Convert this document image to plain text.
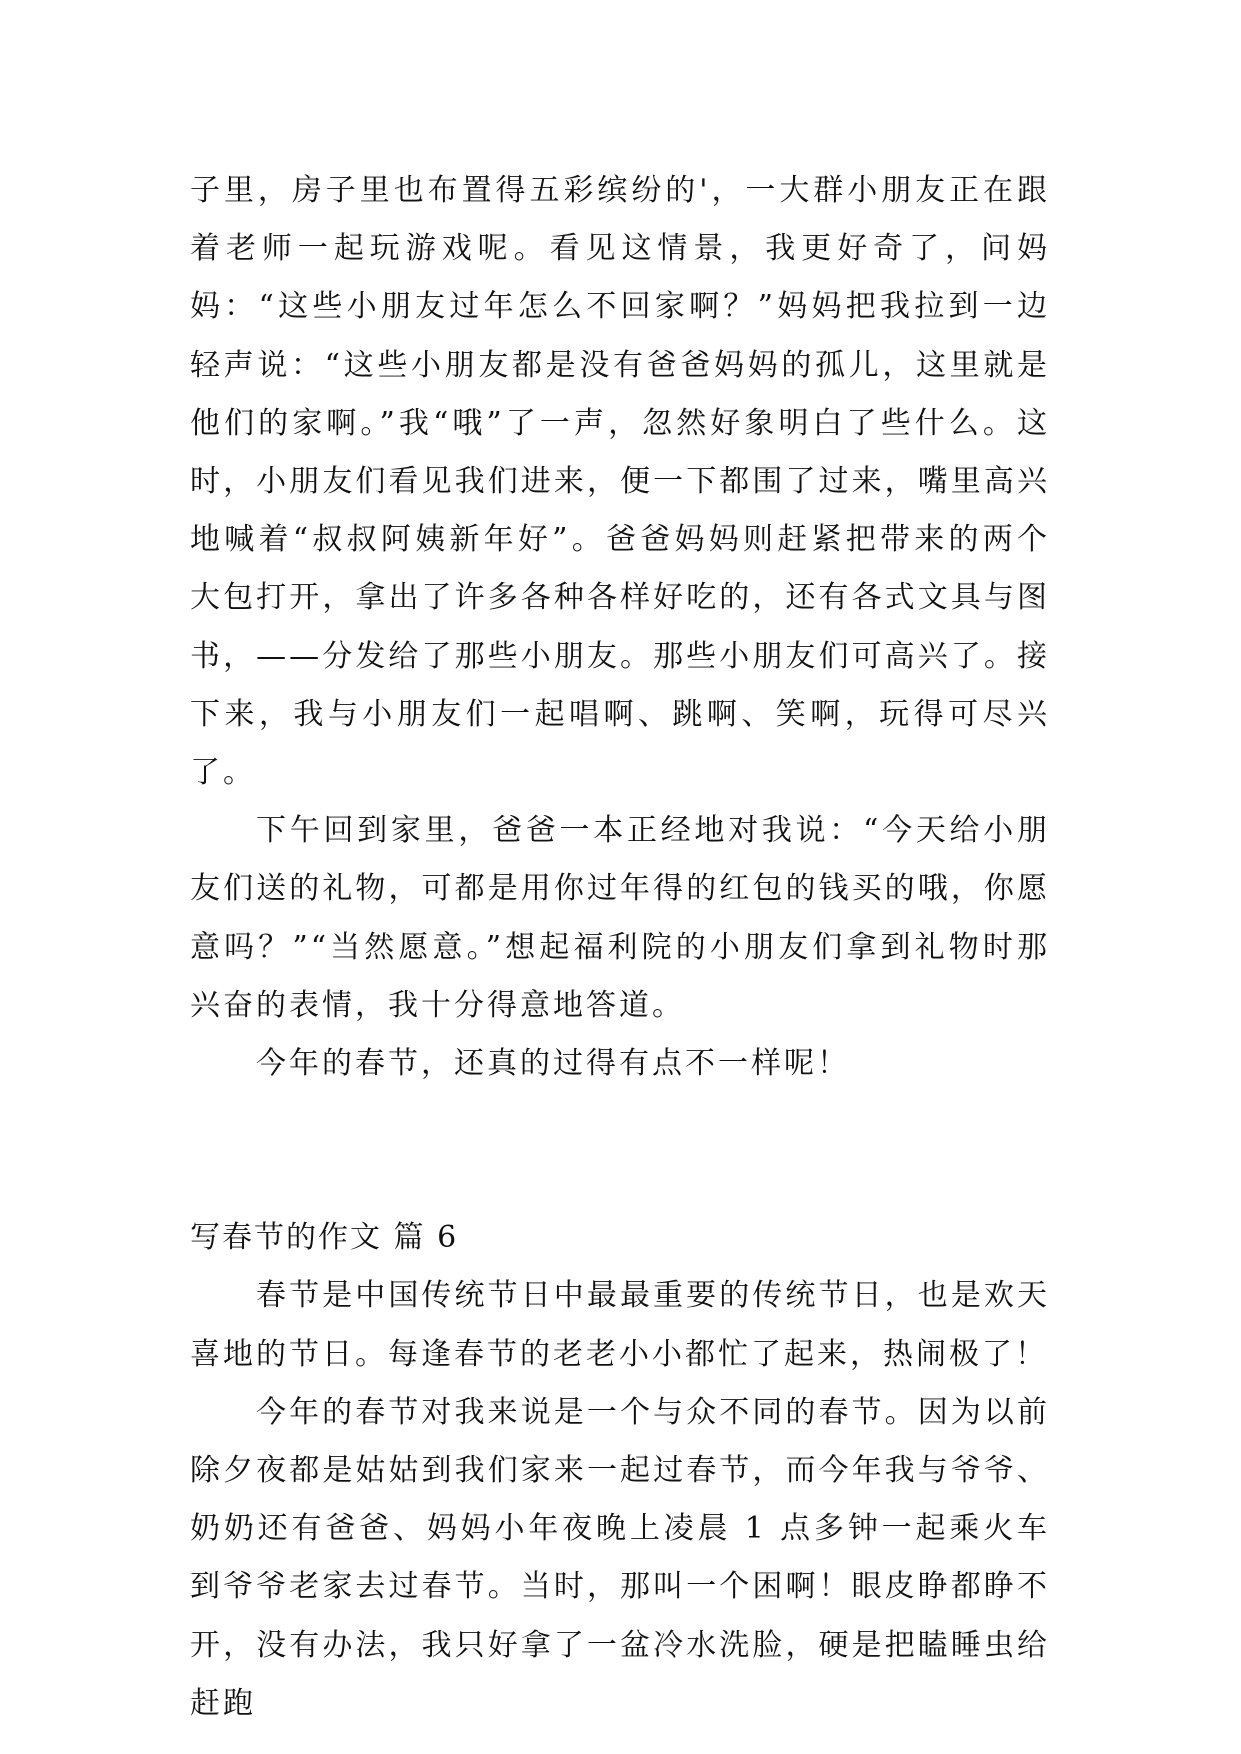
子里，房子里也布置得五彩缤纷的'，一大群小朋友正在跟着老师一起玩游戏呢。看见这情景，我更好奇了，问妈妈：“这些小朋友过年怎么不回家啊？”妈妈把我拉到一边轻声说：“这些小朋友都是没有爸爸妈妈的孤儿，这里就是他们的家啊。”我“哦”了一声，忽然好象明白了些什么。这时，小朋友们看见我们进来，便一下都围了过来，嘴里高兴地喊着“叔叔阿姨新年好”。爸爸妈妈则赶紧把带来的两个大包打开，拿出了许多各种各样好吃的，还有各式文具与图书，——分发给了那些小朋友。那些小朋友们可高兴了。接下来，我与小朋友们一起唱啊、跳啊、笑啊，玩得可尽兴了。

下午回到家里，爸爸一本正经地对我说：“今天给小朋友们送的礼物，可都是用你过年得的红包的钱买的哦，你愿意吗？”“当然愿意。”想起福利院的小朋友们拿到礼物时那兴奋的表情，我十分得意地答道。

今年的春节，还真的过得有点不一样呢！

写春节的作文 篇 6

春节是中国传统节日中最最重要的传统节日，也是欢天喜地的节日。每逢春节的老老小小都忙了起来，热闹极了！

今年的春节对我来说是一个与众不同的春节。因为以前除夕夜都是姑姑到我们家来一起过春节，而今年我与爷爷、奶奶还有爸爸、妈妈小年夜晚上凌晨 1 点多钟一起乘火车到爷爷老家去过春节。当时，那叫一个困啊！眼皮睁都睁不开，没有办法，我只好拿了一盆冷水洗脸，硬是把瞌睡虫给赶跑
